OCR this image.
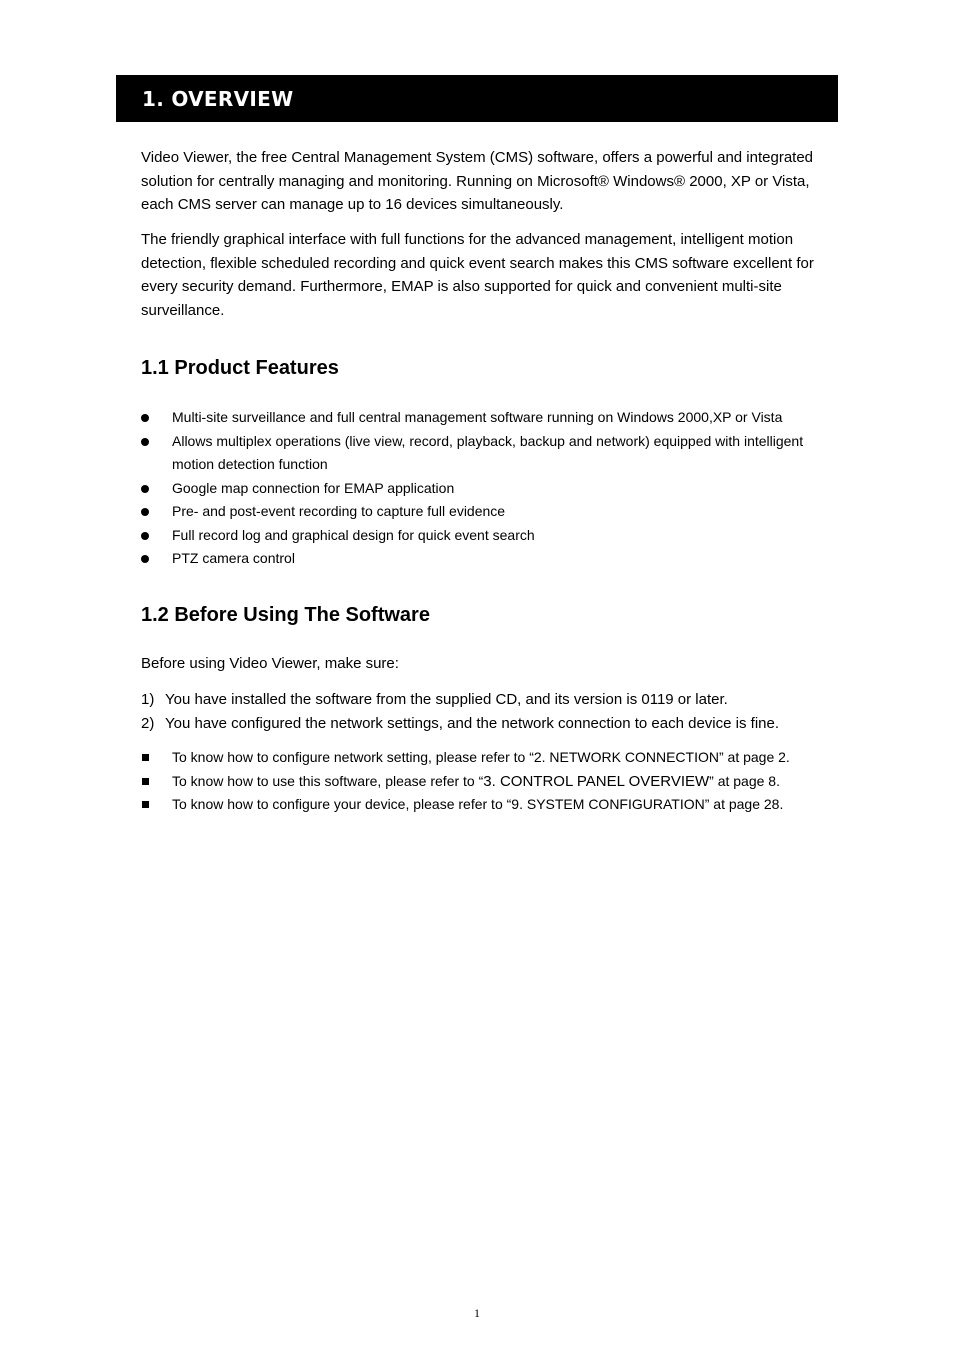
1. OVERVIEW

Video Viewer, the free Central Management System (CMS) software, offers a powerful and integrated solution for centrally managing and monitoring. Running on Microsoft® Windows® 2000, XP or Vista, each CMS server can manage up to 16 devices simultaneously.

The friendly graphical interface with full functions for the advanced management, intelligent motion detection, flexible scheduled recording and quick event search makes this CMS software excellent for every security demand. Furthermore, EMAP is also supported for quick and convenient multi-site surveillance.

1.1 Product Features
Multi-site surveillance and full central management software running on Windows 2000,XP or Vista
Allows multiplex operations (live view, record, playback, backup and network) equipped with intelligent motion detection function
Google map connection for EMAP application
Pre- and post-event recording to capture full evidence
Full record log and graphical design for quick event search
PTZ camera control
1.2 Before Using The Software

Before using Video Viewer, make sure:

1) You have installed the software from the supplied CD, and its version is 0119 or later.
2) You have configured the network settings, and the network connection to each device is fine.
To know how to configure network setting, please refer to “2. NETWORK CONNECTION” at page 2.
To know how to use this software, please refer to “3. CONTROL PANEL OVERVIEW” at page 8.
To know how to configure your device, please refer to “9. SYSTEM CONFIGURATION” at page 28.
1
